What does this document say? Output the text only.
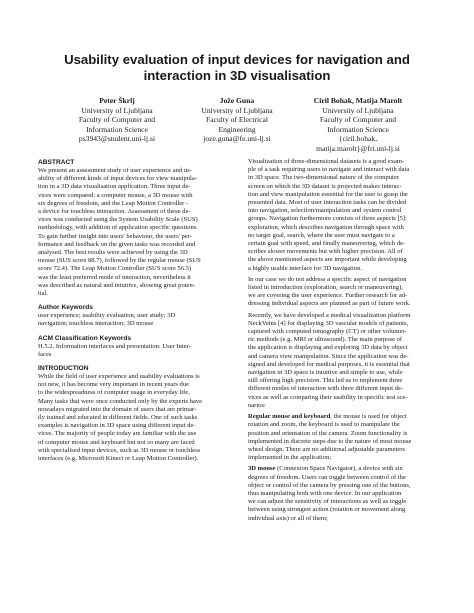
Usability evaluation of input devices for navigation and
interaction in 3D visualisation
Peter Škrlj
University of Ljubljana
Faculty of Computer and
Information Science
ps3943@student.uni-lj.si
Jože Guna
University of Ljubljana
Faculty of Electrical
Engineering
joze.guna@fe.uni-lj.si
Ciril Bohak, Matija Marolt
University of Ljubljana
Faculty of Computer and
Information Science
{ciril.bohak,
matija.marolt}@fri.uni-lj.si
ABSTRACT
We present an assessment study of user experience and us-
ability of different kinds of input devices for view manipula-
tion in a 3D data visualisation application. Three input de-
vices were compared: a computer mouse, a 3D mouse with
six degrees of freedom, and the Leap Motion Controller -
a device for touchless interaction. Assessment of these de-
vices was conducted using the System Usability Scale (SUS)
methodology, with addition of application specific questions.
To gain further insight into users' behaviour, the users' per-
formance and feedback on the given tasks was recorded and
analysed. The best results were achieved by using the 3D
mouse (SUS score 88.7), followed by the regular mouse (SUS
score 72.4). The Leap Motion Controller (SUS score 56.5)
was the least preferred mode of interaction, nevertheless it
was described as natural and intuitive, showing great poten-
tial.
Author Keywords
user experience; usability evaluation, user study; 3D
navigation; touchless interaction; 3D mouse
ACM Classification Keywords
H.5.2. Information interfaces and presentation: User Inter-
faces
INTRODUCTION
While the field of user experience and usability evaluations is
not new, it has become very important in recent years due
to the widespreadness of computer usage in everyday life.
Many tasks that were once conducted only by the experts have
nowadays migrated into the domain of users that are primar-
ily trained and educated in different fields. One of such tasks
examples is navigation in 3D space using different input de-
vices. The majority of people today are familiar with the use
of computer mouse and keyboard but not so many are faced
with specialised input devices, such as 3D mouse or touchless
interfaces (e.g. Microsoft Kinect or Leap Motion Controller).
Visualization of three-dimensional datasets is a good exam-
ple of a task requiring users to navigate and interact with data
in 3D space. The two-dimensional nature of the computer
screen on which the 3D dataset is projected makes interac-
tion and view manipulation essential for the user to grasp the
presented data. Most of user interaction tasks can be divided
into navigation, selection/manipulation and system control
groups. Navigation furthermore consists of three aspects [5]:
exploration, which describes navigation through space with
no target goal, search, where the user must navigate to a
certain goal with speed, and finally maneuvering, which de-
scribes slower movements but with higher precision. All of
the above mentioned aspects are important while developing
a highly usable interface for 3D navigation.
In our case we do not address a specific aspect of navigation
listed in introduction (exploration, search or maneuvering),
we are covering the user experience. Further research for ad-
dressing individual aspects are planned as part of future work.
Recently, we have developed a medical visualization platform
NeckVeins [4] for displaying 3D vascular models of patients,
captured with computed tomography (CT) or other volumet-
ric methods (e.g. MRI or ultrasound). The main purpose of
the application is displaying and exploring 3D data by object
and camera view manipulation. Since the application was de-
signed and developed for medical purposes, it is essential that
navigation in 3D space is intuitive and simple to use, while
still offering high precision. This led us to implement three
different modes of interaction with three different input de-
vices as well as comparing their usability in specific test sce-
narios:
Regular mouse and keyboard, the mouse is used for object
rotation and zoom, the keyboard is used to manipulate the
position and orientation of the camera. Zoom functionality is
implemented in discrete steps due to the nature of most mouse
wheel design. There are no additional adjustable parameters
implemented in the application;
3D mouse (Connexion Space Navigator), a device with six
degrees of freedom. Users can toggle between control of the
object or control of the camera by pressing one of the buttons,
thus manipulating both with one device. In our application
we can adjust the sensitivity of interactions as well as toggle
between using strongest action (rotation or movement along
individual axis) or all of them;
